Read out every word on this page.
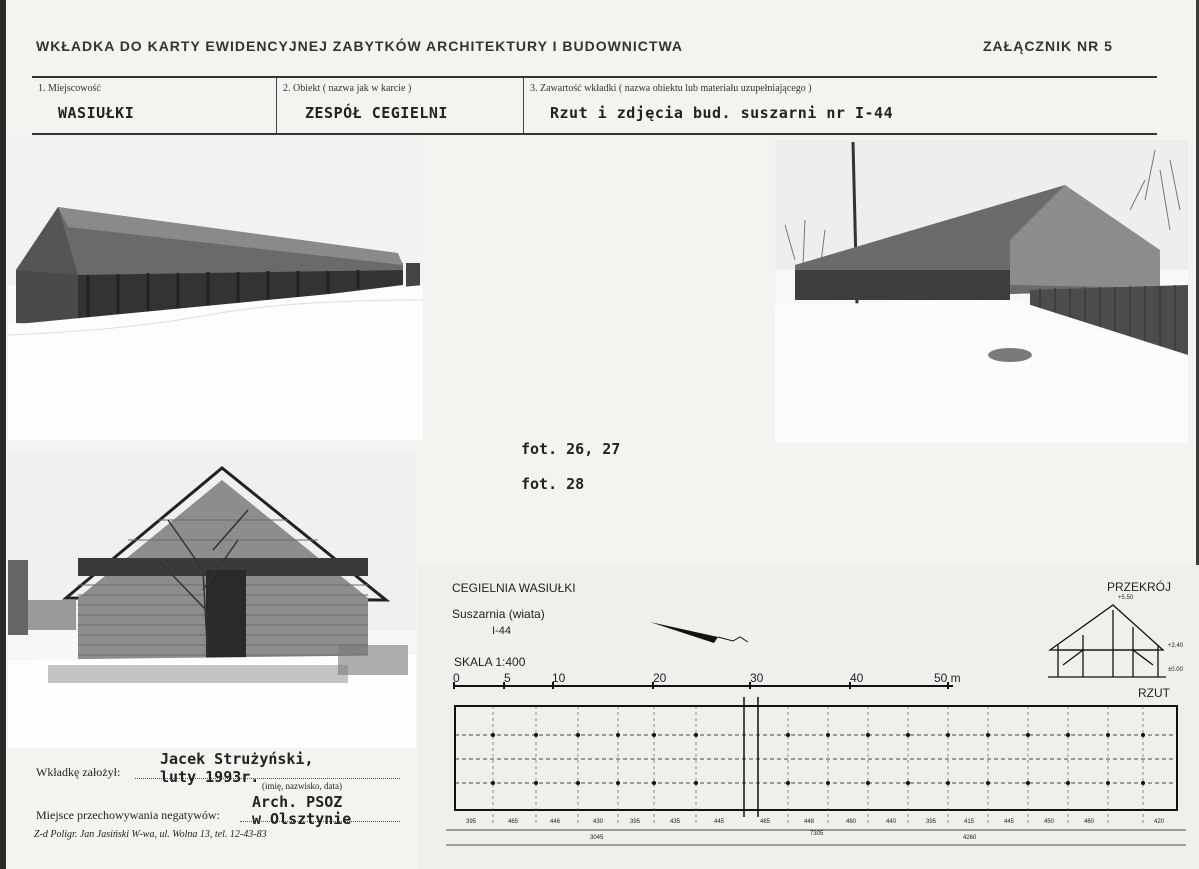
WKŁADKA DO KARTY EWIDENCYJNEJ ZABYTKÓW ARCHITEKTURY I BUDOWNICTWA	ZAŁĄCZNIK NR 5
1. Miejscowość
WASIUŁKI
2. Obiekt ( nazwa jak w karcie )
ZESPÓŁ CEGIELNI
3. Zawartość wkładki ( nazwa obiektu lub materiału uzupełniającego )
Rzut i zdjęcia bud. suszarni nr I-44
fot. 26, 27
fot. 28
Wkładkę założył:
Jacek Strużyński,
luty 1993r. (imię, nazwisko, data)
Miejsce przechowywania negatywów:
Arch. PSOZ
w Olsztynie
Z-d Poligr. Jan Jasiński W-wa, ul. Wolna 13, tel. 12-43-83
CEGIELNIA WASIUŁKI
Suszarnia (wiata)
I-44
SKALA 1:400
PRZEKRÓJ
RZUT
0	5	10	20	30	40	50 m
±0.00
+2.40
+5.50
395	465	446	430	395	435	445	465	448	460	440	395	415	445	450	460	420
3045
7305
4260
